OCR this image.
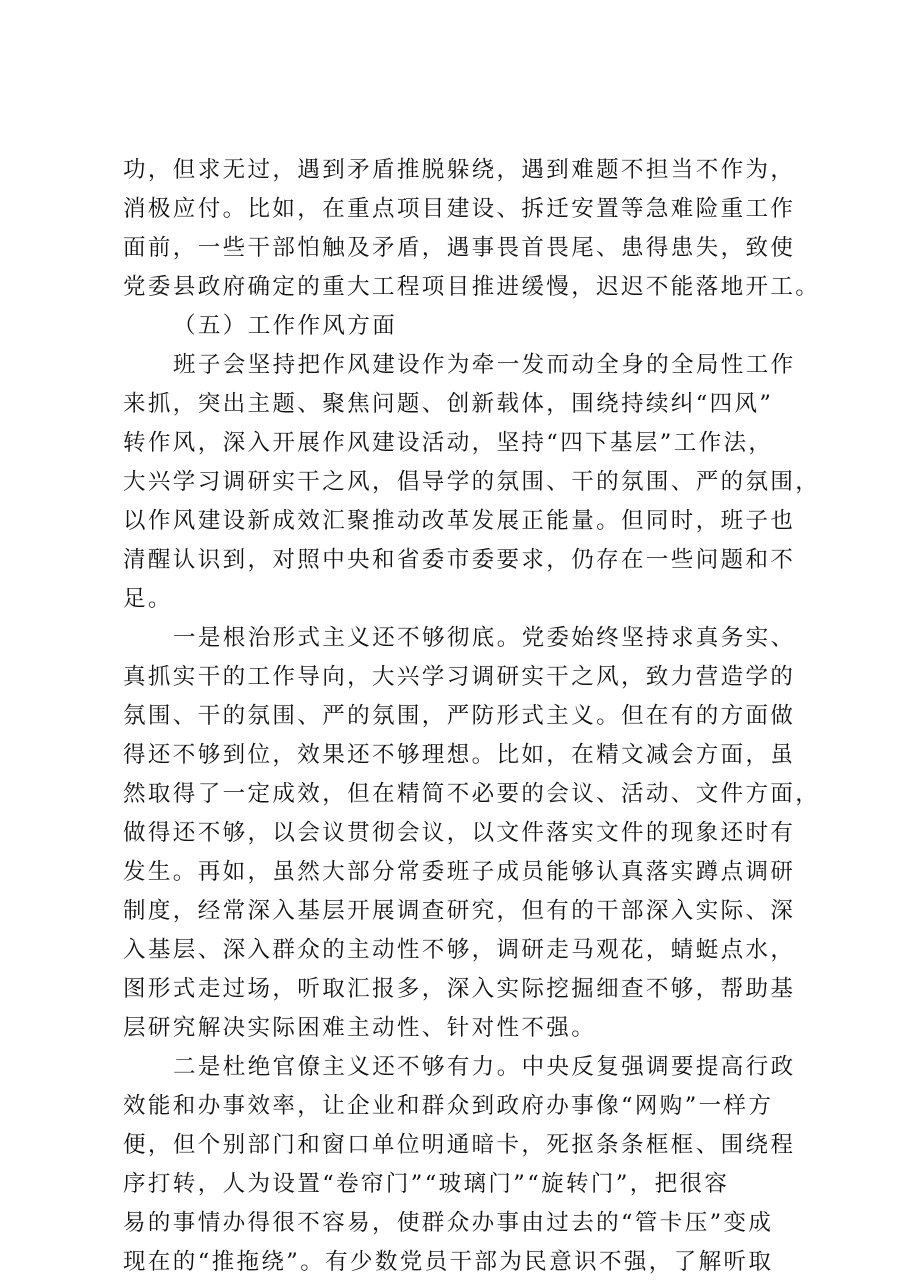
功，但求无过，遇到矛盾推脱躲绕，遇到难题不担当不作为，
消极应付。比如，在重点项目建设、拆迁安置等急难险重工作
面前，一些干部怕触及矛盾，遇事畏首畏尾、患得患失，致使
党委县政府确定的重大工程项目推进缓慢，迟迟不能落地开工。
（五）工作作风方面
班子会坚持把作风建设作为牵一发而动全身的全局性工作
来抓，突出主题、聚焦问题、创新载体，围绕持续纠“四风”
转作风，深入开展作风建设活动，坚持“四下基层”工作法，
大兴学习调研实干之风，倡导学的氛围、干的氛围、严的氛围，
以作风建设新成效汇聚推动改革发展正能量。但同时，班子也
清醒认识到，对照中央和省委市委要求，仍存在一些问题和不
足。
一是根治形式主义还不够彻底。党委始终坚持求真务实、
真抓实干的工作导向，大兴学习调研实干之风，致力营造学的
氛围、干的氛围、严的氛围，严防形式主义。但在有的方面做
得还不够到位，效果还不够理想。比如，在精文减会方面，虽
然取得了一定成效，但在精简不必要的会议、活动、文件方面，
做得还不够，以会议贯彻会议，以文件落实文件的现象还时有
发生。再如，虽然大部分常委班子成员能够认真落实蹲点调研
制度，经常深入基层开展调查研究，但有的干部深入实际、深
入基层、深入群众的主动性不够，调研走马观花，蜻蜓点水，
图形式走过场，听取汇报多，深入实际挖掘细查不够，帮助基
层研究解决实际困难主动性、针对性不强。
二是杜绝官僚主义还不够有力。中央反复强调要提高行政
效能和办事效率，让企业和群众到政府办事像“网购”一样方
便，但个别部门和窗口单位明通暗卡，死抠条条框框、围绕程
序打转，人为设置“卷帘门”“玻璃门”“旋转门”，把很容
易的事情办得很不容易，使群众办事由过去的“管卡压”变成
现在的“推拖绕”。有少数党员干部为民意识不强，了解听取
